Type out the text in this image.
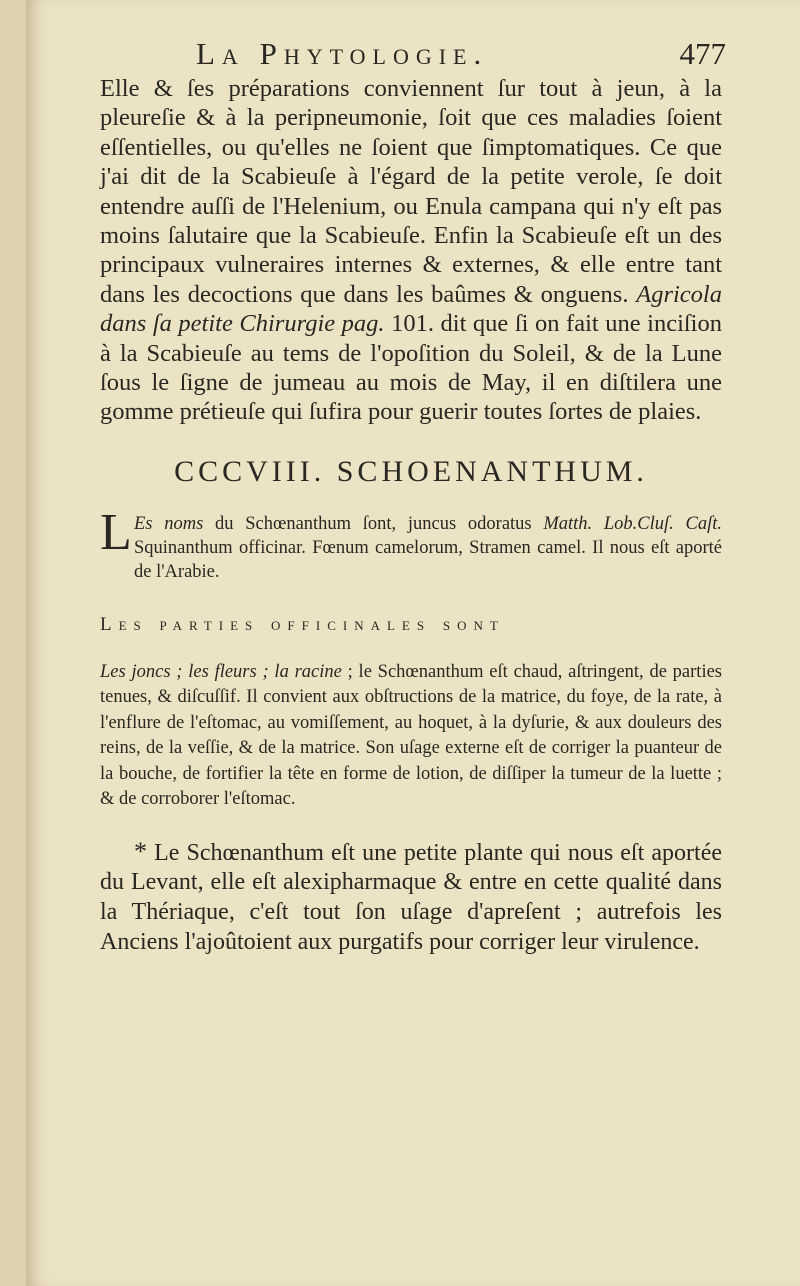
La Phytologie.	477

Elle & ſes préparations conviennent ſur tout à jeun, à la pleureſie & à la peripneumonie, ſoit que ces maladies ſoient eſſentielles, ou qu'elles ne ſoient que ſimptomatiques. Ce que j'ai dit de la Scabieuſe à l'égard de la petite verole, ſe doit entendre auſſi de l'Helenium, ou Enula campana qui n'y eſt pas moins ſalutaire que la Scabieuſe. Enfin la Scabieuſe eſt un des principaux vulneraires internes & externes, & elle entre tant dans les decoctions que dans les baûmes & onguens. Agricola dans ſa petite Chirurgie pag. 101. dit que ſi on fait une inciſion à la Scabieuſe au tems de l'opoſition du Soleil, & de la Lune ſous le ſigne de jumeau au mois de May, il en diſtilera une gomme prétieuſe qui ſufira pour guerir toutes ſortes de plaies.

CCCVIII. SCHOENANTHUM.
L Es noms du Schœnanthum ſont, juncus odoratus Matth. Lob.Cluſ. Caſt. Squinanthum officinar. Fœnum camelorum, Stramen camel. Il nous eſt aporté de l'Arabie.
Les parties officinales sont
Les joncs ; les fleurs ; la racine ; le Schœnanthum eſt chaud, aſtringent, de parties tenues, & diſcuſſif. Il convient aux obſtructions de la matrice, du foye, de la rate, à l'enflure de l'eſtomac, au vomiſſement, au hoquet, à la dyſurie, & aux douleurs des reins, de la veſſie, & de la matrice. Son uſage externe eſt de corriger la puanteur de la bouche, de fortifier la tête en forme de lotion, de diſſiper la tumeur de la luette ; & de corroborer l'eſtomac.

* Le Schœnanthum eſt une petite plante qui nous eſt aportée du Levant, elle eſt alexipharmaque & entre en cette qualité dans la Thériaque, c'eſt tout ſon uſage d'apreſent ; autrefois les Anciens l'ajoûtoient aux purgatifs pour corriger leur virulence.
